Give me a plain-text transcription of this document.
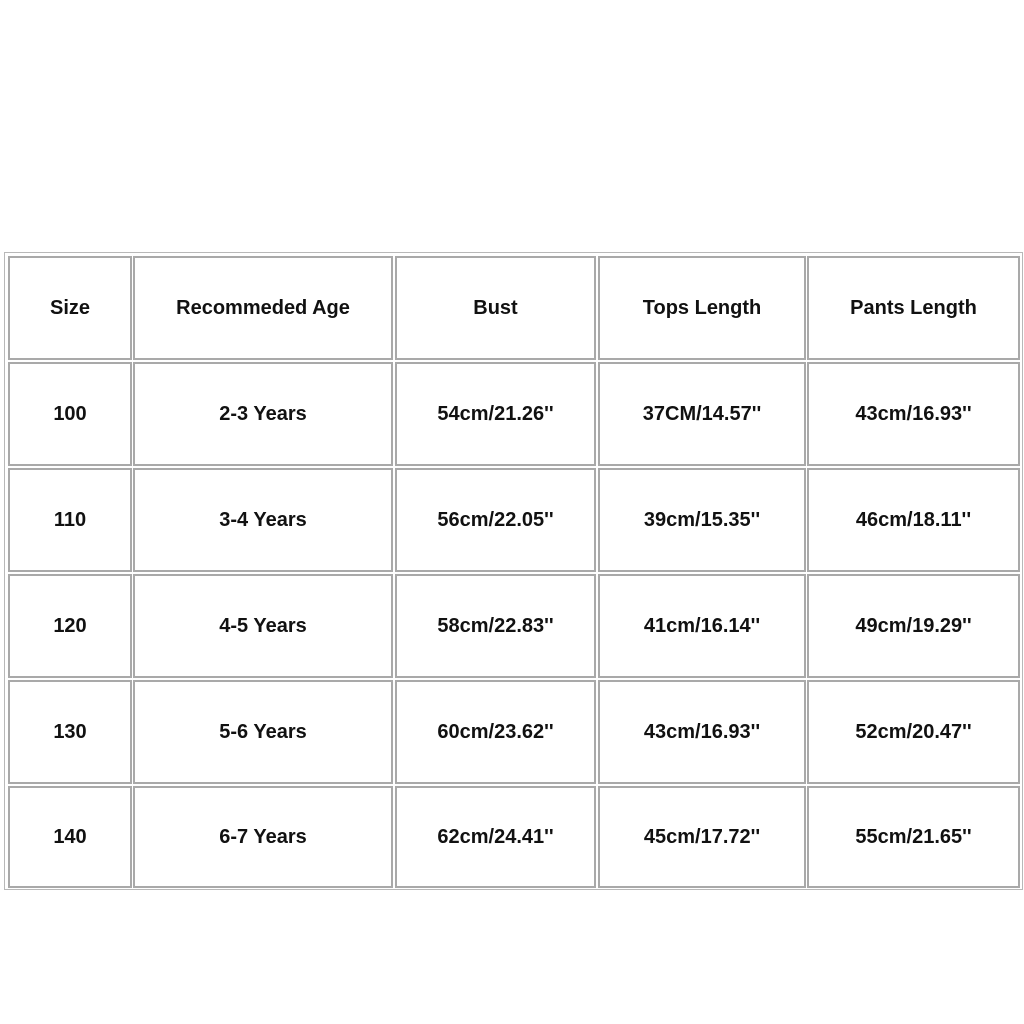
Size	Recommeded Age	Bust	Tops Length	Pants Length
100	2-3 Years	54cm/21.26''	37CM/14.57''	43cm/16.93''
110	3-4 Years	56cm/22.05''	39cm/15.35''	46cm/18.11''
120	4-5 Years	58cm/22.83''	41cm/16.14''	49cm/19.29''
130	5-6 Years	60cm/23.62''	43cm/16.93''	52cm/20.47''
140	6-7 Years	62cm/24.41''	45cm/17.72''	55cm/21.65''
